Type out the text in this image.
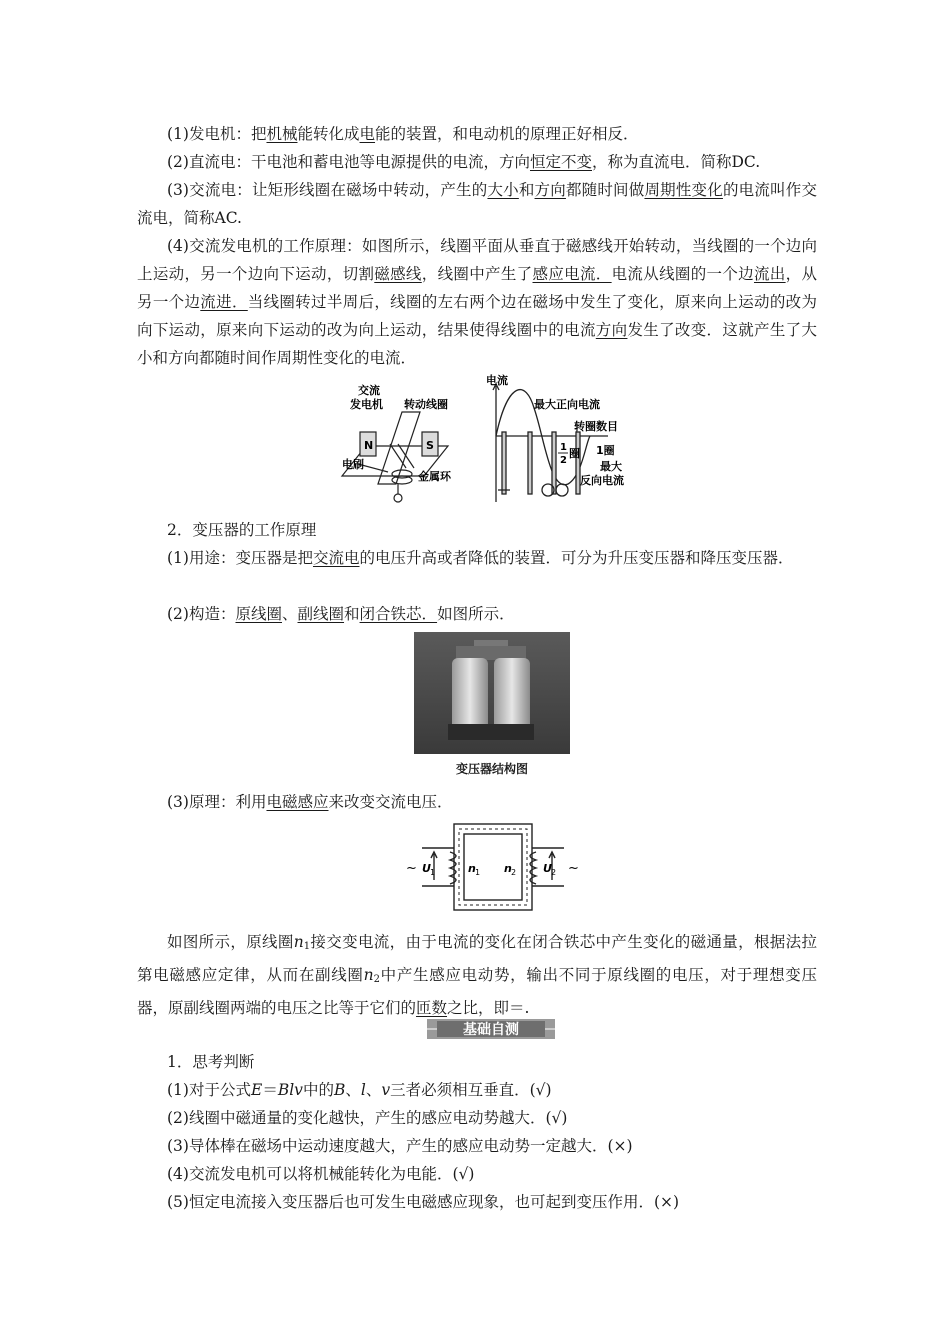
(1)发电机：把机械能转化成电能的装置，和电动机的原理正好相反．

(2)直流电：干电池和蓄电池等电源提供的电流，方向恒定不变，称为直流电．简称DC.

(3)交流电：让矩形线圈在磁场中转动，产生的大小和方向都随时间做周期性变化的电流叫作交流电，简称AC.

(4)交流发电机的工作原理：如图所示，线圈平面从垂直于磁感线开始转动，当线圈的一个边向上运动，另一个边向下运动，切割磁感线，线圈中产生了感应电流．电流从线圈的一个边流出，从另一个边流进．当线圈转过半周后，线圈的左右两个边在磁场中发生了变化，原来向上运动的改为向下运动，原来向下运动的改为向上运动，结果使得线圈中的电流方向发生了改变．这就产生了大小和方向都随时间作周期性变化的电流．

交流
发电机 转动线圈
N	S
电刷
金属环
电流
最大正向电流
转圈数目
1
2
圈 1圈
最大
反向电流

2．变压器的工作原理

(1)用途：变压器是把交流电的电压升高或者降低的装置．可分为升压变压器和降压变压器．

(2)构造：原线圈、副线圈和闭合铁芯．如图所示．

变压器结构图

(3)原理：利用电磁感应来改变交流电压．

~	~
U 1	n 1 n 2 U 2

如图所示，原线圈$n_1$接交变电流，由于电流的变化在闭合铁芯中产生变化的磁通量，根据法拉第电磁感应定律，从而在副线圈$n_2$中产生感应电动势，输出不同于原线圈的电压，对于理想变压器，原副线圈两端的电压之比等于它们的匝数之比，即＝.

基础自测

1．思考判断

(1)对于公式E＝Blv中的B、l、v三者必须相互垂直．(√)

(2)线圈中磁通量的变化越快，产生的感应电动势越大．(√)

(3)导体棒在磁场中运动速度越大，产生的感应电动势一定越大．(×)

(4)交流发电机可以将机械能转化为电能．(√)

(5)恒定电流接入变压器后也可发生电磁感应现象，也可起到变压作用．(×)
